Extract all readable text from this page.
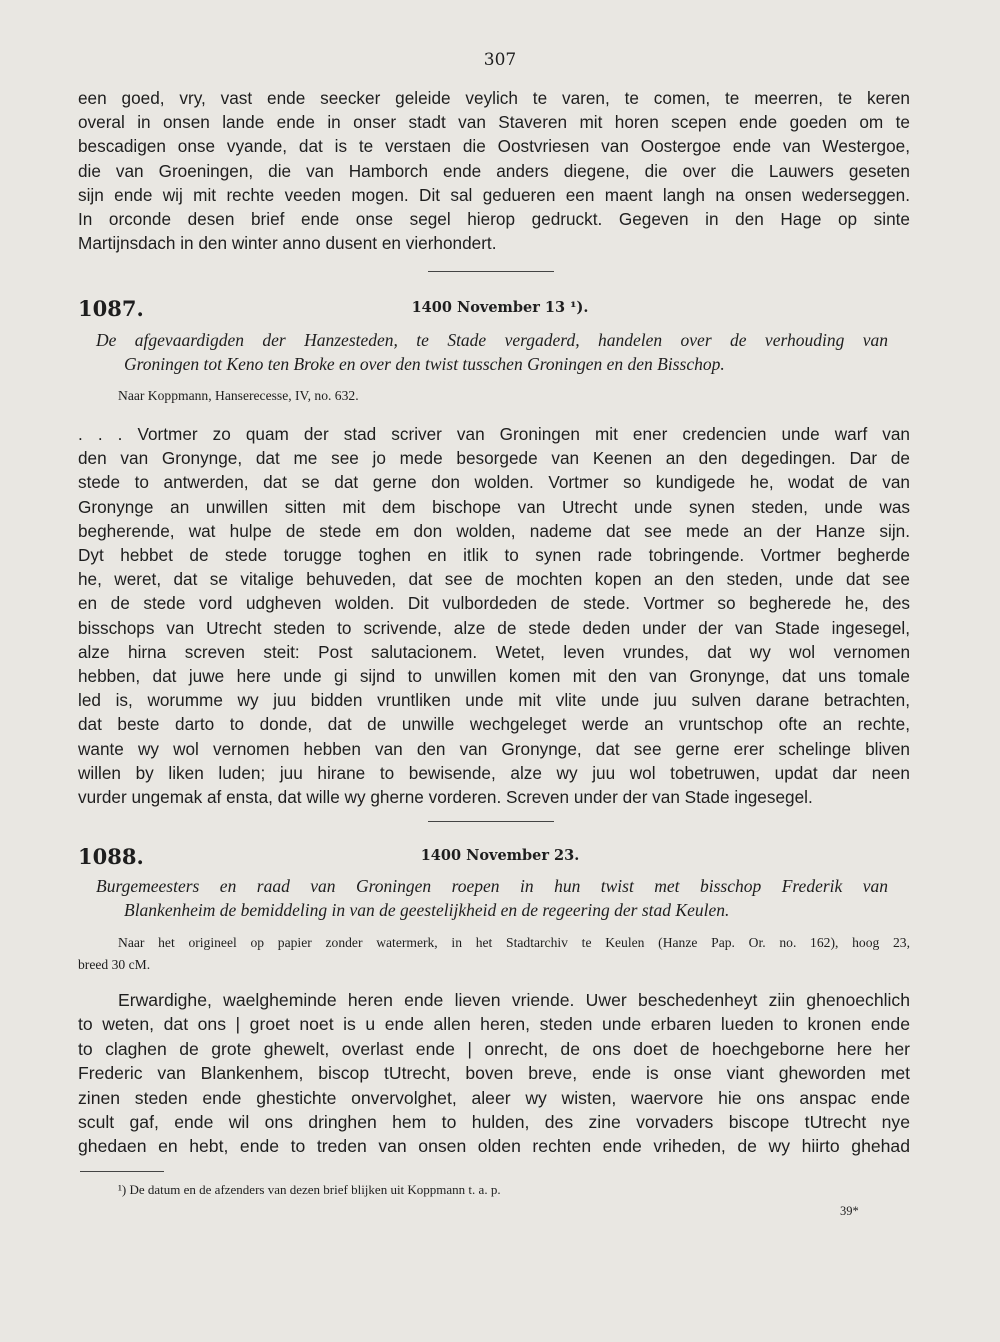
307
een goed, vry, vast ende seecker geleide veylich te varen, te comen, te meerren, te keren
overal in onsen lande ende in onser stadt van Staveren mit horen scepen ende goeden om te
bescadigen onse vyande, dat is te verstaen die Oostvriesen van Oostergoe ende van Westergoe,
die van Groeningen, die van Hamborch ende anders diegene, die over die Lauwers geseten
sijn ende wij mit rechte veeden mogen. Dit sal gedueren een maent langh na onsen wederseggen.
In orconde desen brief ende onse segel hierop gedruckt. Gegeven in den Hage op sinte
Martijnsdach in den winter anno dusent en vierhondert.
1087.	1400 November 13 ¹).
De afgevaardigden der Hanzesteden, te Stade vergaderd, handelen over de verhouding van
Groningen tot Keno ten Broke en over den twist tusschen Groningen en den Bisschop.
Naar Koppmann, Hanserecesse, IV, no. 632.
. . . Vortmer zo quam der stad scriver van Groningen mit ener credencien unde warf van
den van Gronynge, dat me see jo mede besorgede van Keenen an den degedingen. Dar de
stede to antwerden, dat se dat gerne don wolden. Vortmer so kundigede he, wodat de van
Gronynge an unwillen sitten mit dem bischope van Utrecht unde synen steden, unde was
begherende, wat hulpe de stede em don wolden, nademe dat see mede an der Hanze sijn.
Dyt hebbet de stede torugge toghen en itlik to synen rade tobringende. Vortmer begherde
he, weret, dat se vitalige behuveden, dat see de mochten kopen an den steden, unde dat see
en de stede vord udgheven wolden. Dit vulbordeden de stede. Vortmer so begherede he, des
bisschops van Utrecht steden to scrivende, alze de stede deden under der van Stade ingesegel,
alze hirna screven steit: Post salutacionem. Wetet, leven vrundes, dat wy wol vernomen
hebben, dat juwe here unde gi sijnd to unwillen komen mit den van Gronynge, dat uns tomale
led is, worumme wy juu bidden vruntliken unde mit vlite unde juu sulven darane betrachten,
dat beste darto to donde, dat de unwille wechgeleget werde an vruntschop ofte an rechte,
wante wy wol vernomen hebben van den van Gronynge, dat see gerne erer schelinge bliven
willen by liken luden; juu hirane to bewisende, alze wy juu wol tobetruwen, updat dar neen
vurder ungemak af ensta, dat wille wy gherne vorderen. Screven under der van Stade ingesegel.
1088.	1400 November 23.
Burgemeesters en raad van Groningen roepen in hun twist met bisschop Frederik van
Blankenheim de bemiddeling in van de geestelijkheid en de regeering der stad Keulen.
Naar het origineel op papier zonder watermerk, in het Stadtarchiv te Keulen (Hanze Pap. Or. no. 162), hoog 23,
breed 30 cM.
Erwardighe, waelgheminde heren ende lieven vriende. Uwer beschedenheyt ziin ghenoechlich
to weten, dat ons | groet noet is u ende allen heren, steden unde erbaren lueden to kronen ende
to claghen de grote ghewelt, overlast ende | onrecht, de ons doet de hoechgeborne here her
Frederic van Blankenhem, biscop tUtrecht, boven breve, ende is onse viant gheworden met
zinen steden ende ghestichte onvervolghet, aleer wy wisten, waervore hie ons anspac ende
scult gaf, ende wil ons dringhen hem to hulden, des zine vorvaders biscope tUtrecht nye
ghedaen en hebt, ende to treden van onsen olden rechten ende vriheden, de wy hiirto ghehad
¹) De datum en de afzenders van dezen brief blijken uit Koppmann t. a. p.
39*
